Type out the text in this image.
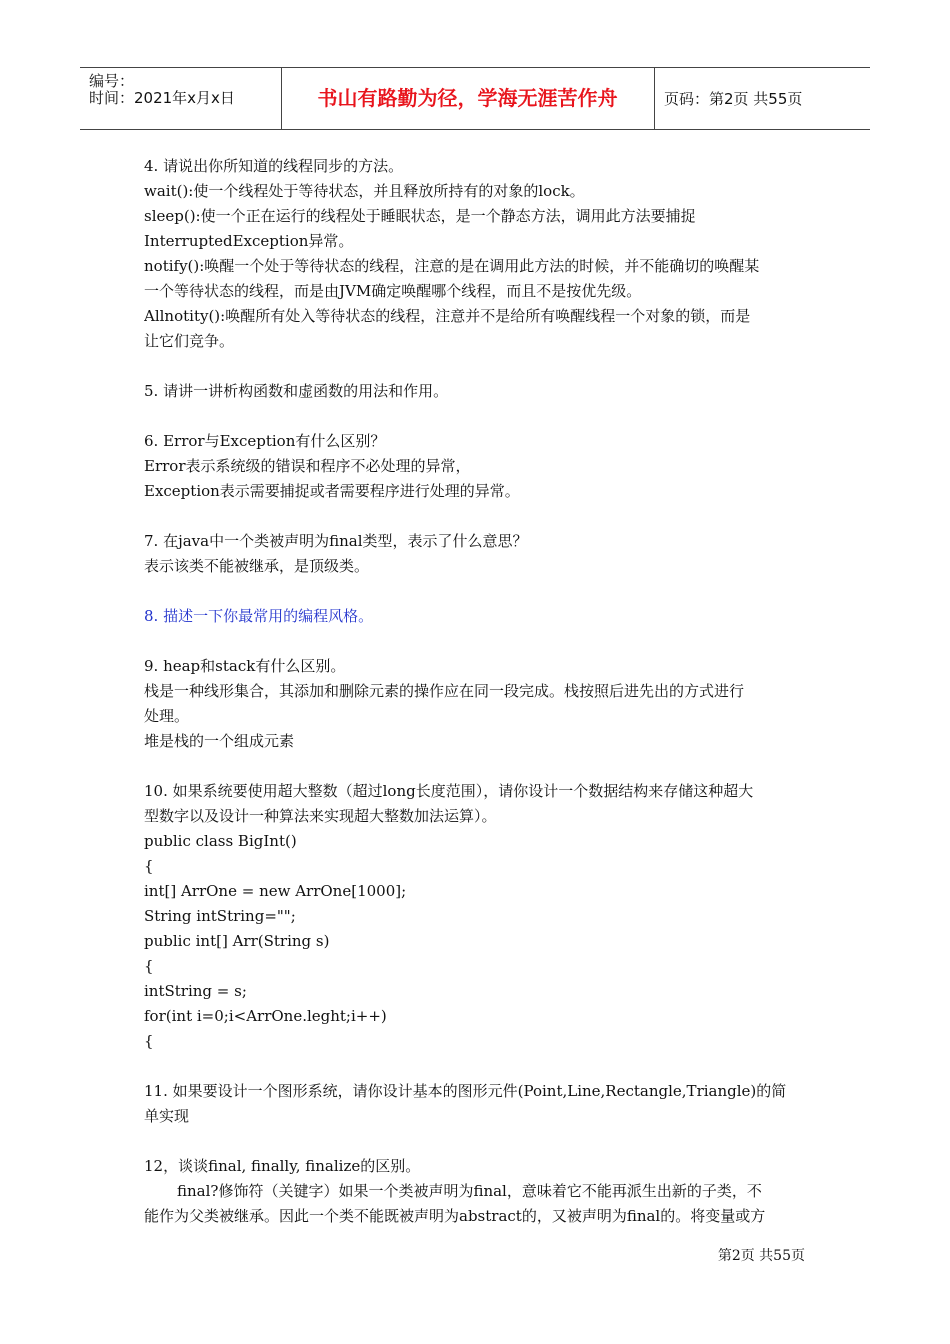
编号：
时间：2021年x月x日	书山有路勤为径，学海无涯苦作舟	页码：第2页 共55页

4. 请说出你所知道的线程同步的方法。

wait():使一个线程处于等待状态，并且释放所持有的对象的lock。

sleep():使一个正在运行的线程处于睡眠状态，是一个静态方法，调用此方法要捕捉

InterruptedException异常。

notify():唤醒一个处于等待状态的线程，注意的是在调用此方法的时候，并不能确切的唤醒某

一个等待状态的线程，而是由JVM确定唤醒哪个线程，而且不是按优先级。

Allnotity():唤醒所有处入等待状态的线程，注意并不是给所有唤醒线程一个对象的锁，而是

让它们竞争。

5. 请讲一讲析构函数和虚函数的用法和作用。

6. Error与Exception有什么区别？

Error表示系统级的错误和程序不必处理的异常，

Exception表示需要捕捉或者需要程序进行处理的异常。

7. 在java中一个类被声明为final类型，表示了什么意思？

表示该类不能被继承，是顶级类。

8. 描述一下你最常用的编程风格。

9. heap和stack有什么区别。

栈是一种线形集合，其添加和删除元素的操作应在同一段完成。栈按照后进先出的方式进行

处理。

堆是栈的一个组成元素

10. 如果系统要使用超大整数（超过long长度范围），请你设计一个数据结构来存储这种超大

型数字以及设计一种算法来实现超大整数加法运算）。

public class BigInt()

{

int[] ArrOne = new ArrOne[1000];

String intString="";

public int[] Arr(String s)

{

intString = s;

for(int i=0;i<ArrOne.leght;i++)

{

11. 如果要设计一个图形系统，请你设计基本的图形元件(Point,Line,Rectangle,Triangle)的简

单实现

12，谈谈final, finally, finalize的区别。

final?修饰符（关键字）如果一个类被声明为final，意味着它不能再派生出新的子类，不

能作为父类被继承。因此一个类不能既被声明为abstract的，又被声明为final的。将变量或方

第2页 共55页
